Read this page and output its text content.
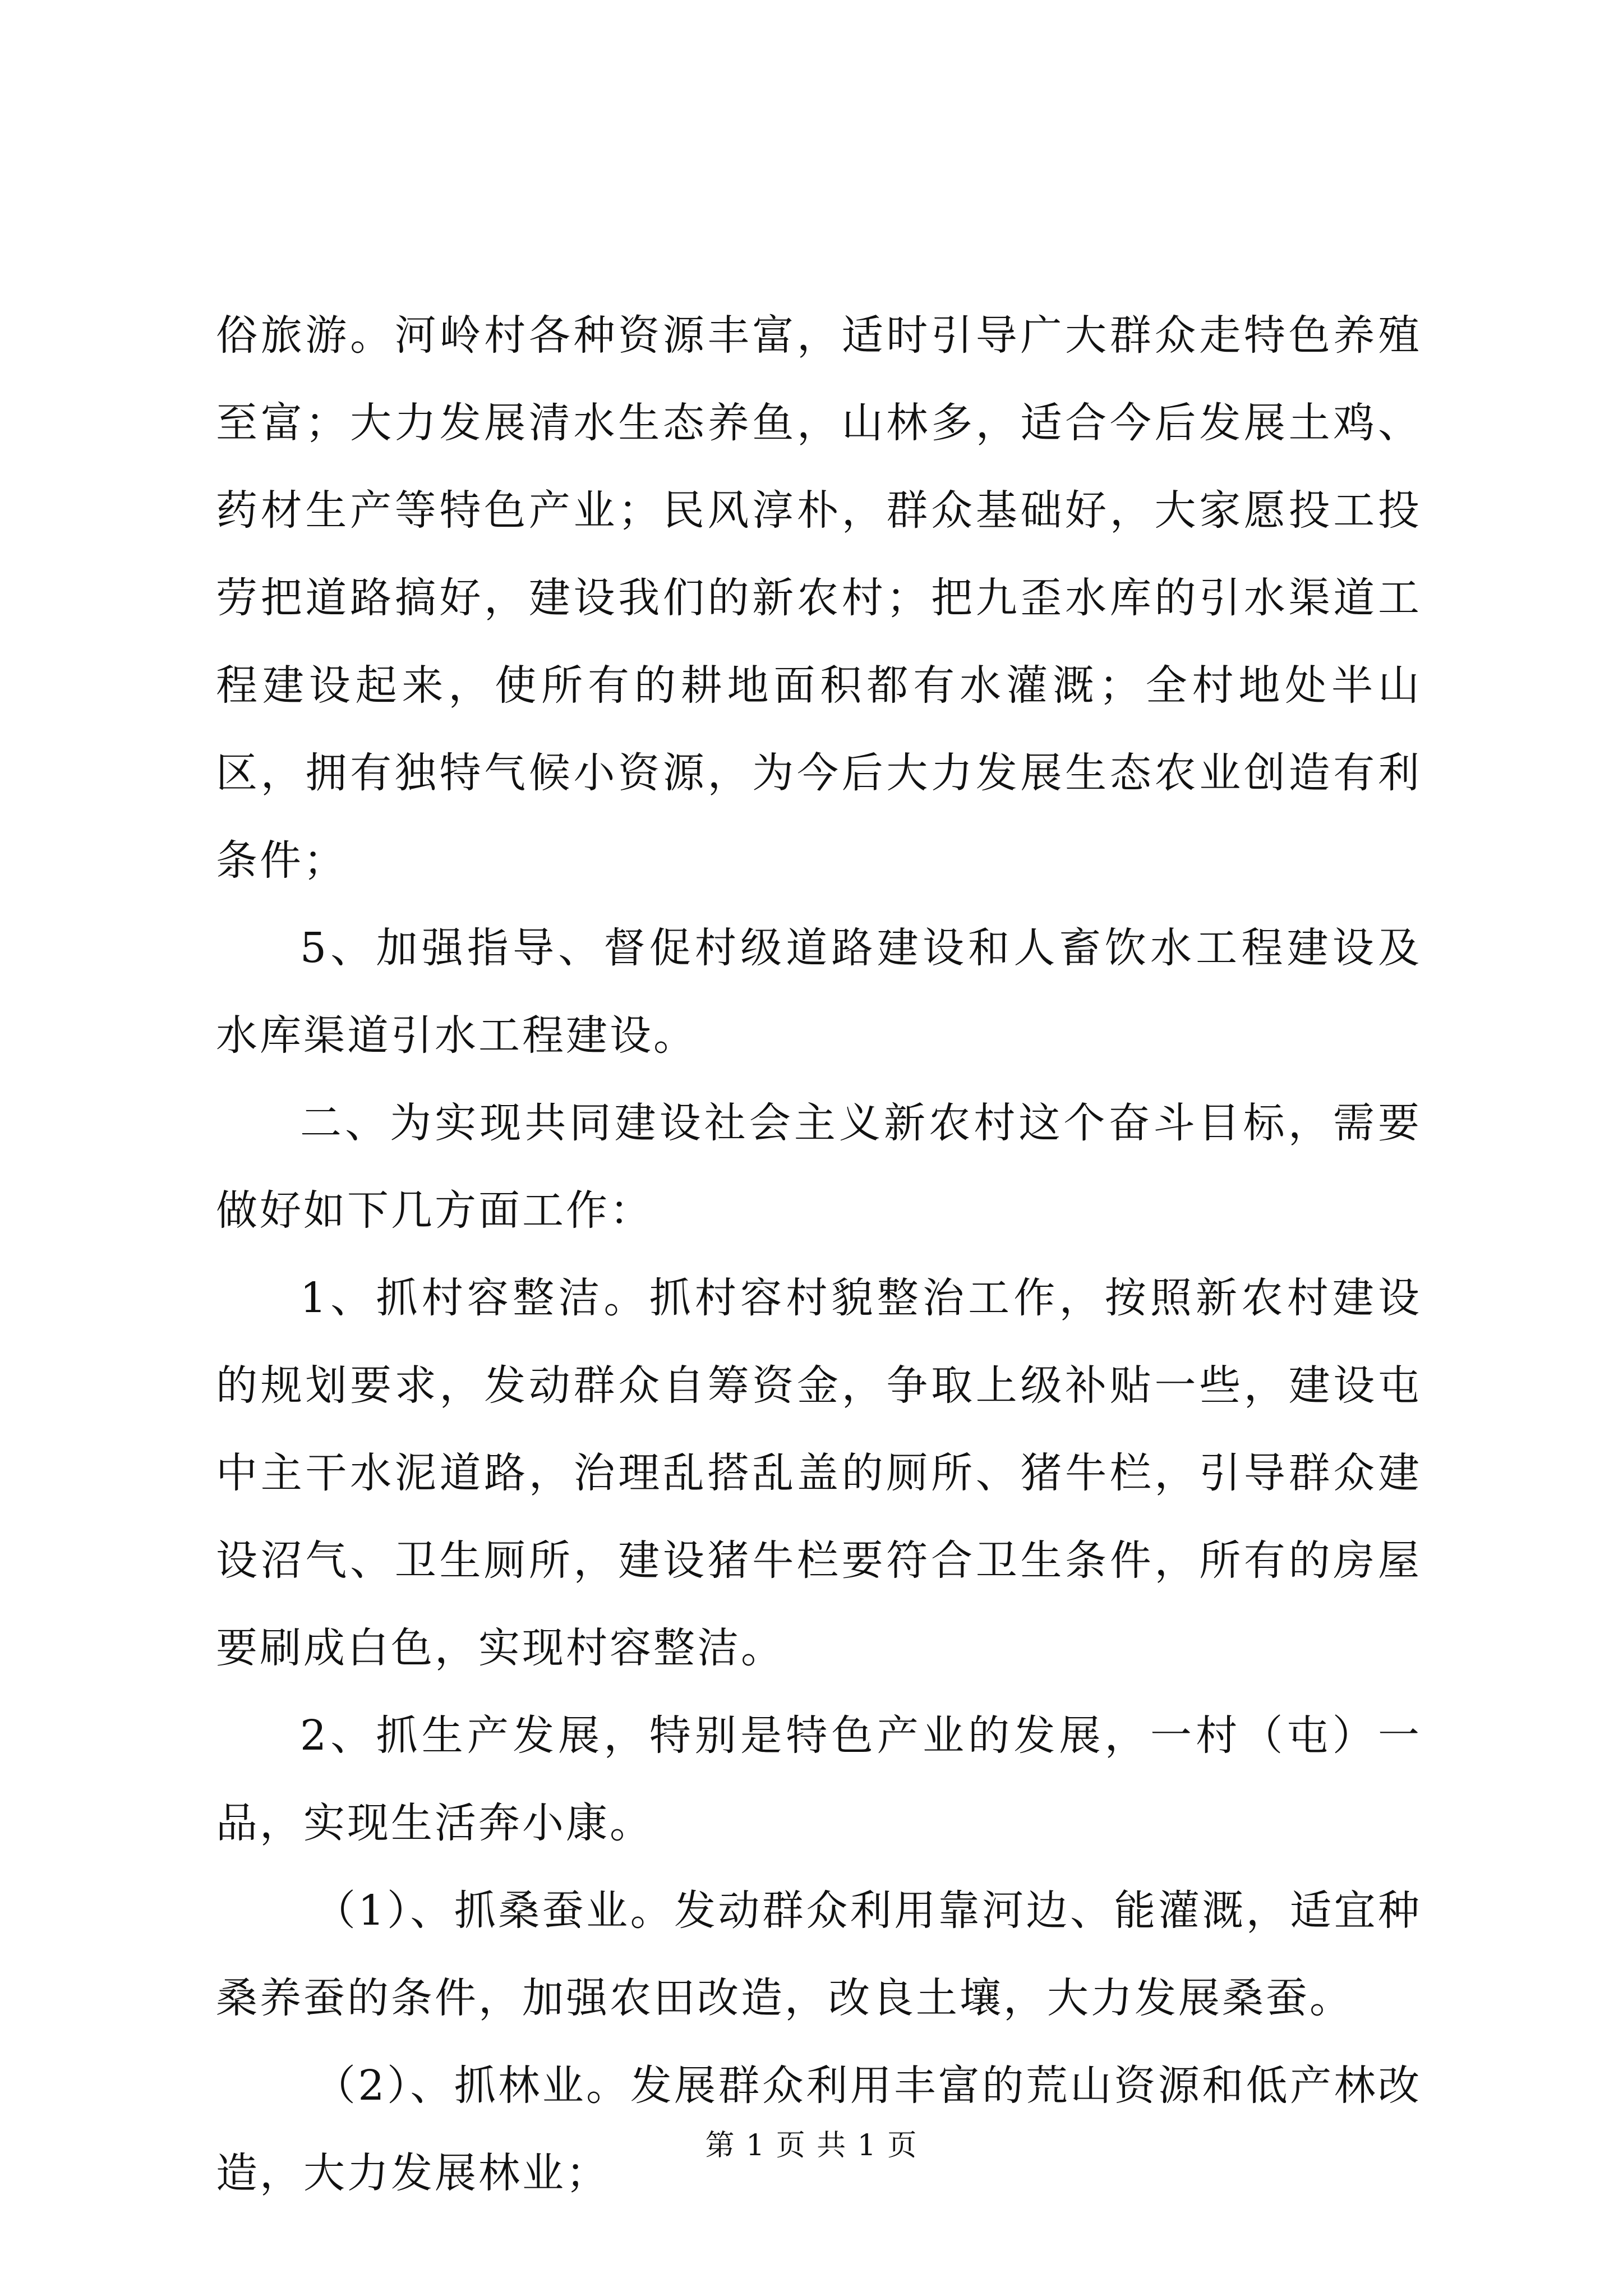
俗旅游。河岭村各种资源丰富，适时引导广大群众走特色养殖至富；大力发展清水生态养鱼，山林多，适合今后发展土鸡、药材生产等特色产业；民风淳朴，群众基础好，大家愿投工投劳把道路搞好，建设我们的新农村；把九歪水库的引水渠道工程建设起来，使所有的耕地面积都有水灌溉；全村地处半山区，拥有独特气候小资源，为今后大力发展生态农业创造有利条件；

5、加强指导、督促村级道路建设和人畜饮水工程建设及水库渠道引水工程建设。

二、为实现共同建设社会主义新农村这个奋斗目标，需要做好如下几方面工作：

1、抓村容整洁。抓村容村貌整治工作，按照新农村建设的规划要求，发动群众自筹资金，争取上级补贴一些，建设屯中主干水泥道路，治理乱搭乱盖的厕所、猪牛栏，引导群众建设沼气、卫生厕所，建设猪牛栏要符合卫生条件，所有的房屋要刷成白色，实现村容整洁。

2、抓生产发展，特别是特色产业的发展，一村（屯）一品，实现生活奔小康。

（1）、抓桑蚕业。发动群众利用靠河边、能灌溉，适宜种桑养蚕的条件，加强农田改造，改良土壤，大力发展桑蚕。

（2）、抓林业。发展群众利用丰富的荒山资源和低产林改造，大力发展林业；

第 1 页 共 1 页
